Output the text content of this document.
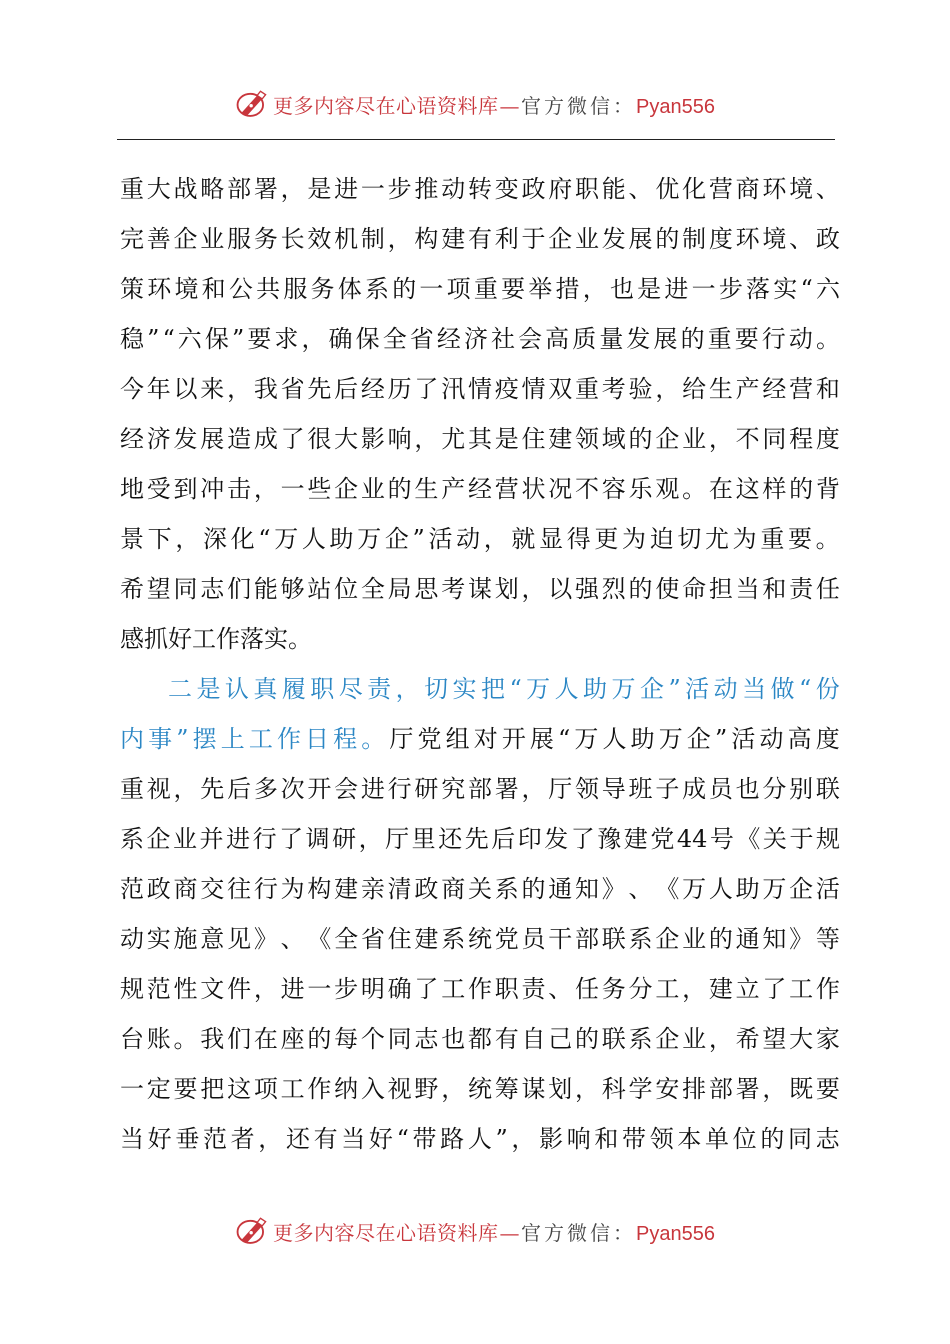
更多内容尽在心语资料库 — 官方微信： Pyan556
重 大 战 略 部 署 ， 是 进 一 步 推 动 转 变 政 府 职 能 、 优 化 营 商 环 境 、
完 善 企 业 服 务 长 效 机 制 ， 构 建 有 利 于 企 业 发 展 的 制 度 环 境 、 政
策 环 境 和 公 共 服 务 体 系 的 一 项 重 要 举 措 ， 也 是 进 一 步 落 实 “ 六
稳 ” “ 六 保 ” 要 求 ， 确 保 全 省 经 济 社 会 高 质 量 发 展 的 重 要 行 动 。
今 年 以 来 ， 我 省 先 后 经 历 了 汛 情 疫 情 双 重 考 验 ， 给 生 产 经 营 和
经 济 发 展 造 成 了 很 大 影 响 ， 尤 其 是 住 建 领 域 的 企 业 ， 不 同 程 度
地 受 到 冲 击 ， 一 些 企 业 的 生 产 经 营 状 况 不 容 乐 观 。 在 这 样 的 背
景 下 ， 深 化 “ 万 人 助 万 企 ” 活 动 ， 就 显 得 更 为 迫 切 尤 为 重 要 。
希 望 同 志 们 能 够 站 位 全 局 思 考 谋 划 ， 以 强 烈 的 使 命 担 当 和 责 任
感抓好工作落实。
二 是 认 真 履 职 尽 责 ， 切 实 把 “ 万 人 助 万 企 ” 活 动 当 做 “ 份
内 事 ” 摆 上 工 作 日 程 。 厅 党 组 对 开 展 “ 万 人 助 万 企 ” 活 动 高 度
重 视 ， 先 后 多 次 开 会 进 行 研 究 部 署 ， 厅 领 导 班 子 成 员 也 分 别 联
系 企 业 并 进 行 了 调 研 ， 厅 里 还 先 后 印 发 了 豫 建 党 44 号 《 关 于 规
范 政 商 交 往 行 为 构 建 亲 清 政 商 关 系 的 通 知 》 、 《 万 人 助 万 企 活
动 实 施 意 见 》 、 《 全 省 住 建 系 统 党 员 干 部 联 系 企 业 的 通 知 》 等
规 范 性 文 件 ， 进 一 步 明 确 了 工 作 职 责 、 任 务 分 工 ， 建 立 了 工 作
台 账 。 我 们 在 座 的 每 个 同 志 也 都 有 自 己 的 联 系 企 业 ， 希 望 大 家
一 定 要 把 这 项 工 作 纳 入 视 野 ， 统 筹 谋 划 ， 科 学 安 排 部 署 ， 既 要
当 好 垂 范 者 ， 还 有 当 好 “ 带 路 人 ” ， 影 响 和 带 领 本 单 位 的 同 志
更多内容尽在心语资料库 — 官方微信： Pyan556
